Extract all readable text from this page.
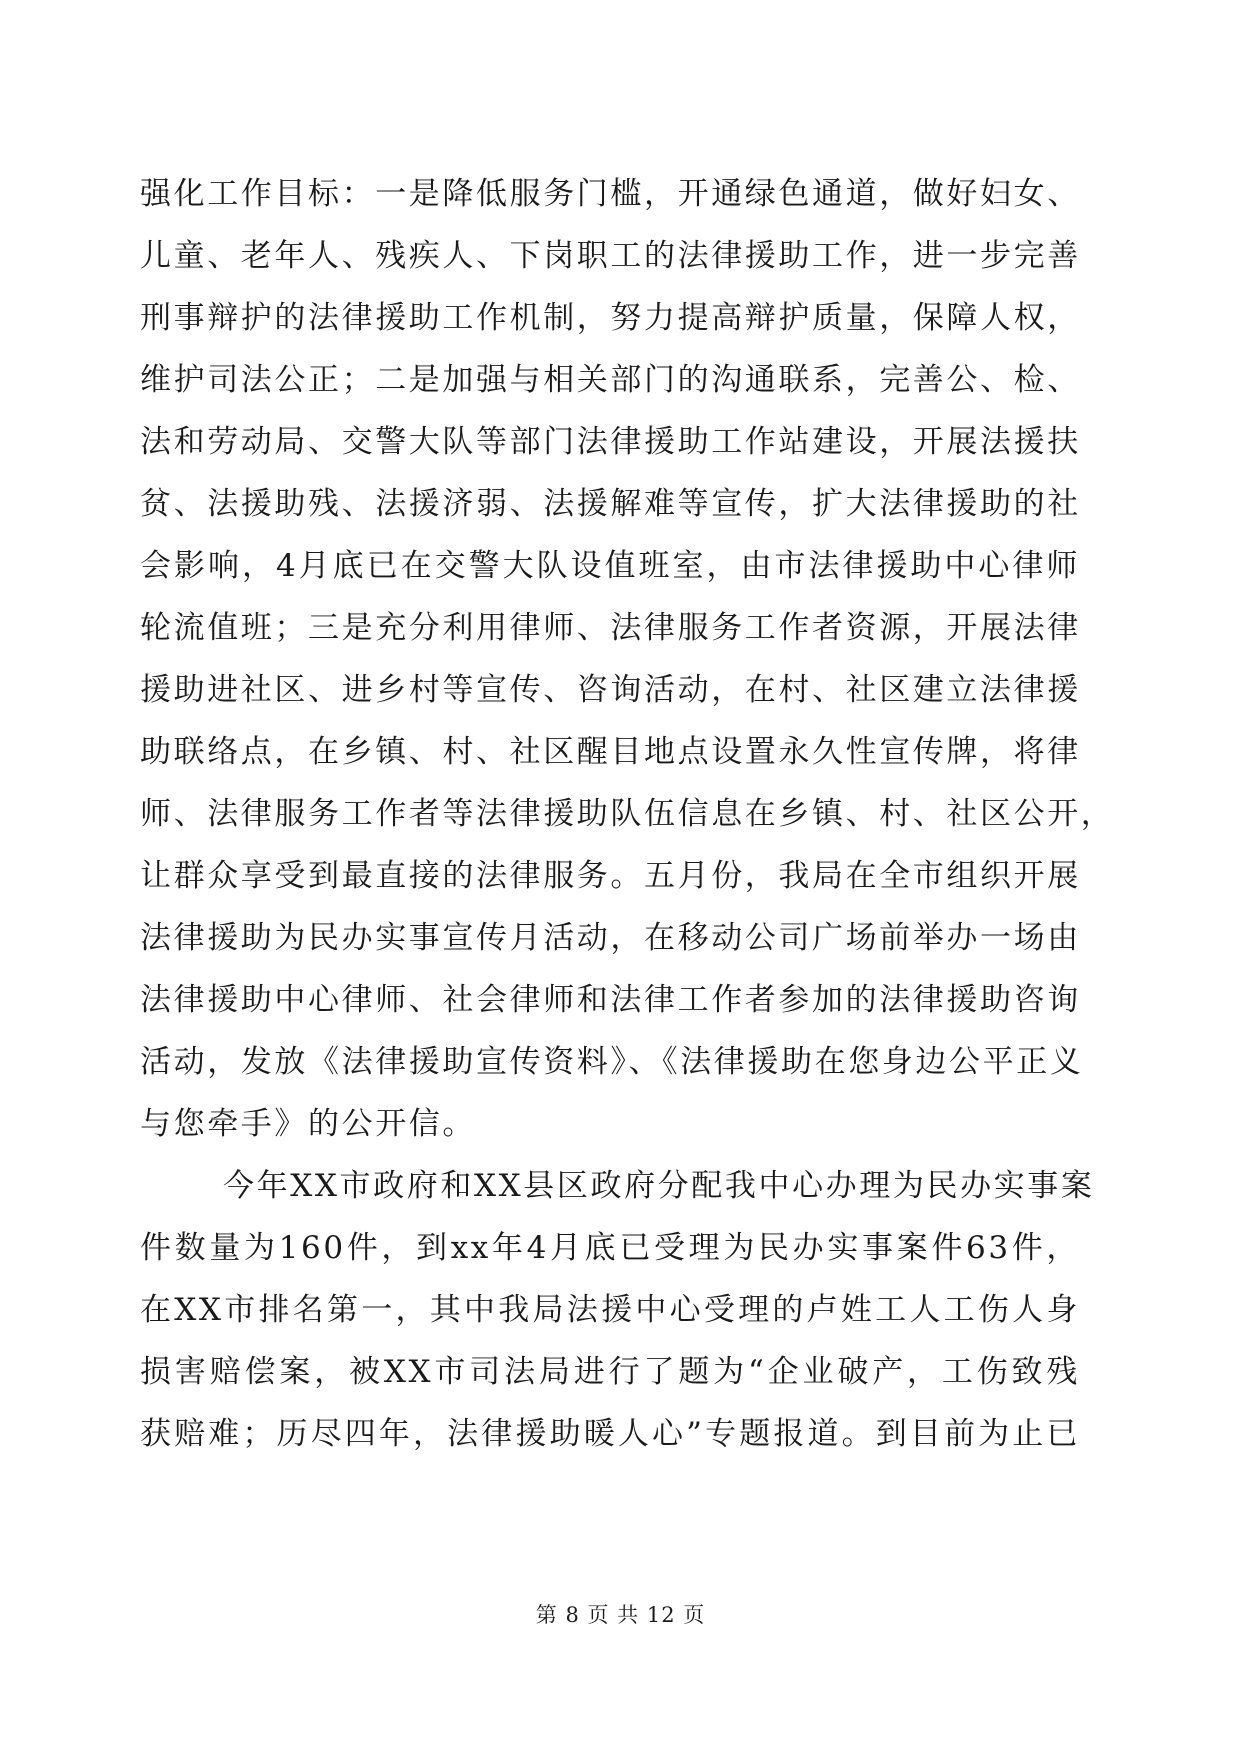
强化工作目标：一是降低服务门槛，开通绿色通道，做好妇女、
儿童、老年人、残疾人、下岗职工的法律援助工作，进一步完善
刑事辩护的法律援助工作机制，努力提高辩护质量，保障人权，
维护司法公正；二是加强与相关部门的沟通联系，完善公、检、
法和劳动局、交警大队等部门法律援助工作站建设，开展法援扶
贫、法援助残、法援济弱、法援解难等宣传，扩大法律援助的社
会影响，4月底已在交警大队设值班室，由市法律援助中心律师
轮流值班；三是充分利用律师、法律服务工作者资源，开展法律
援助进社区、进乡村等宣传、咨询活动，在村、社区建立法律援
助联络点，在乡镇、村、社区醒目地点设置永久性宣传牌，将律
师、法律服务工作者等法律援助队伍信息在乡镇、村、社区公开，
让群众享受到最直接的法律服务。五月份，我局在全市组织开展
法律援助为民办实事宣传月活动，在移动公司广场前举办一场由
法律援助中心律师、社会律师和法律工作者参加的法律援助咨询
活动，发放《法律援助宣传资料》、《法律援助在您身边公平正义
与您牵手》的公开信。
今年XX市政府和XX县区政府分配我中心办理为民办实事案
件数量为160件，到xx年4月底已受理为民办实事案件63件，
在XX市排名第一，其中我局法援中心受理的卢姓工人工伤人身
损害赔偿案，被XX市司法局进行了题为“企业破产，工伤致残
获赔难；历尽四年，法律援助暖人心”专题报道。到目前为止已
第 8 页 共 12 页
